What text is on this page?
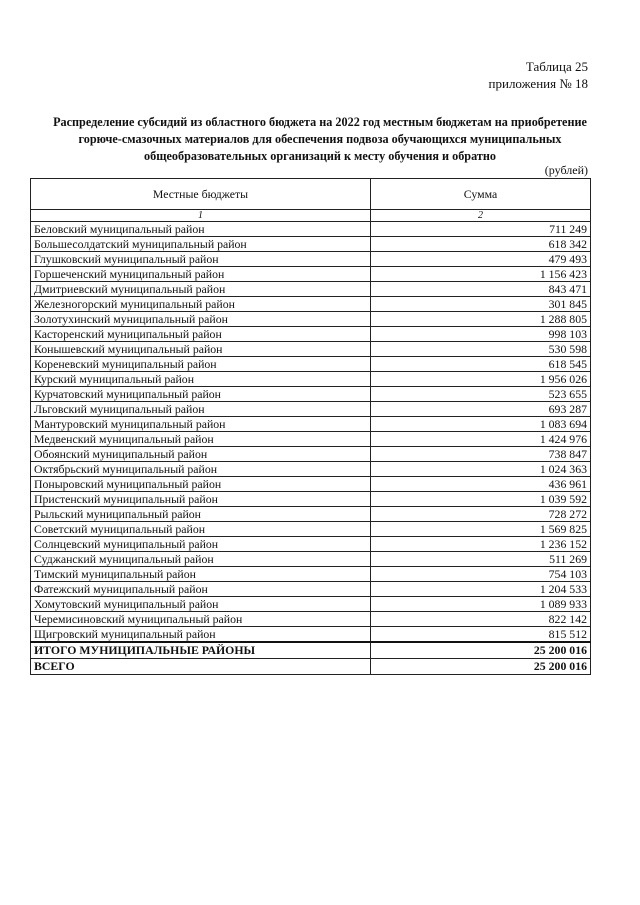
Таблица 25
приложения № 18
Распределение субсидий из областного бюджета на 2022 год местным бюджетам на приобретение горюче-смазочных материалов для обеспечения подвоза обучающихся муниципальных общеобразовательных организаций к месту обучения и обратно
(рублей)
Местные бюджеты	Сумма
1	2
Беловский муниципальный район	711 249
Большесолдатский муниципальный район	618 342
Глушковский муниципальный район	479 493
Горшеченский муниципальный район	1 156 423
Дмитриевский муниципальный район	843 471
Железногорский муниципальный район	301 845
Золотухинский муниципальный район	1 288 805
Касторенский муниципальный район	998 103
Конышевский муниципальный район	530 598
Кореневский муниципальный район	618 545
Курский муниципальный район	1 956 026
Курчатовский муниципальный район	523 655
Льговский муниципальный район	693 287
Мантуровский муниципальный район	1 083 694
Медвенский муниципальный район	1 424 976
Обоянский муниципальный район	738 847
Октябрьский муниципальный район	1 024 363
Поныровский муниципальный район	436 961
Пристенский муниципальный район	1 039 592
Рыльский муниципальный район	728 272
Советский муниципальный район	1 569 825
Солнцевский муниципальный район	1 236 152
Суджанский муниципальный район	511 269
Тимский муниципальный район	754 103
Фатежский муниципальный район	1 204 533
Хомутовский муниципальный район	1 089 933
Черемисиновский муниципальный район	822 142
Щигровский муниципальный район	815 512
ИТОГО МУНИЦИПАЛЬНЫЕ РАЙОНЫ	25 200 016
ВСЕГО	25 200 016
